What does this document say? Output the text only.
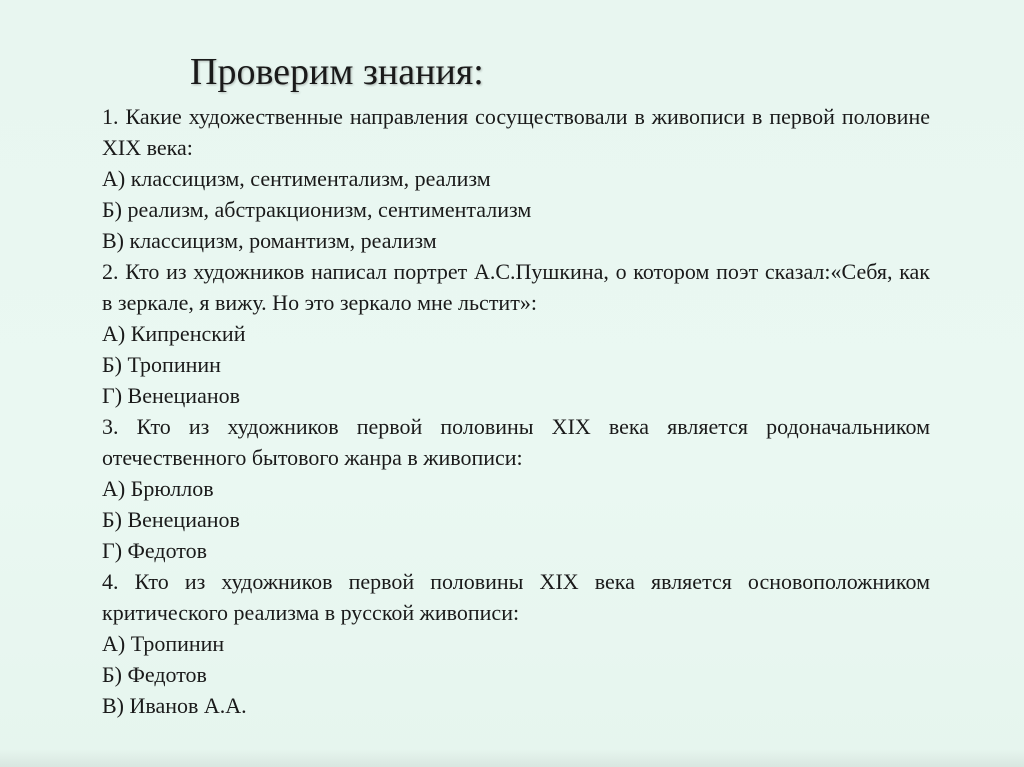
Проверим знания:
1. Какие художественные направления сосуществовали в живописи в первой половине XIX века:
А) классицизм, сентиментализм, реализм
Б) реализм, абстракционизм, сентиментализм
В) классицизм, романтизм, реализм
2. Кто из художников написал портрет А.С.Пушкина, о котором поэт сказал:«Себя, как в зеркале, я вижу. Но это зеркало мне льстит»:
А) Кипренский
Б) Тропинин
Г) Венецианов
3. Кто из художников первой половины XIX века является родоначальником отечественного бытового жанра в живописи:
А) Брюллов
Б) Венецианов
Г) Федотов
4. Кто из художников первой половины XIX века является основоположником критического реализма в русской живописи:
А) Тропинин
Б) Федотов
В) Иванов А.А.
